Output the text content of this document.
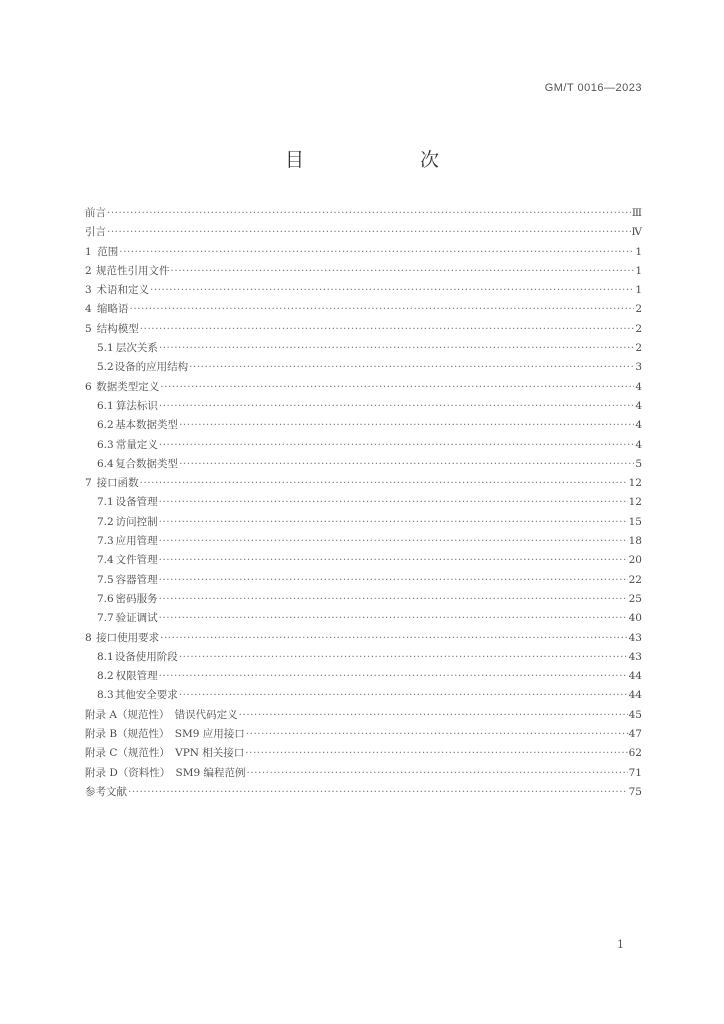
GM/T 0016—2023
目　　次
前言 ·····	Ⅲ
引言 ·····	Ⅳ
1 范围 ·····	1
2 规范性引用文件 ·····	1
3 术语和定义 ·····	1
4 缩略语 ·····	2
5 结构模型 ·····	2
5.1 层次关系 ·····	2
5.2 设备的应用结构 ·····	3
6 数据类型定义 ·····	4
6.1 算法标识 ·····	4
6.2 基本数据类型 ·····	4
6.3 常量定义 ·····	4
6.4 复合数据类型 ·····	5
7 接口函数 ·····	12
7.1 设备管理 ·····	12
7.2 访问控制 ·····	15
7.3 应用管理 ·····	18
7.4 文件管理 ·····	20
7.5 容器管理 ·····	22
7.6 密码服务 ·····	25
7.7 验证调试 ·····	40
8 接口使用要求 ·····	43
8.1 设备使用阶段 ·····	43
8.2 权限管理 ·····	44
8.3 其他安全要求 ·····	44
附录 A（规范性）　错误代码定义 ·····	45
附录 B（规范性）　SM9 应用接口 ·····	47
附录 C（规范性）　VPN 相关接口 ·····	62
附录 D（资料性）　SM9 编程范例 ·····	71
参考文献 ·····	75
1
